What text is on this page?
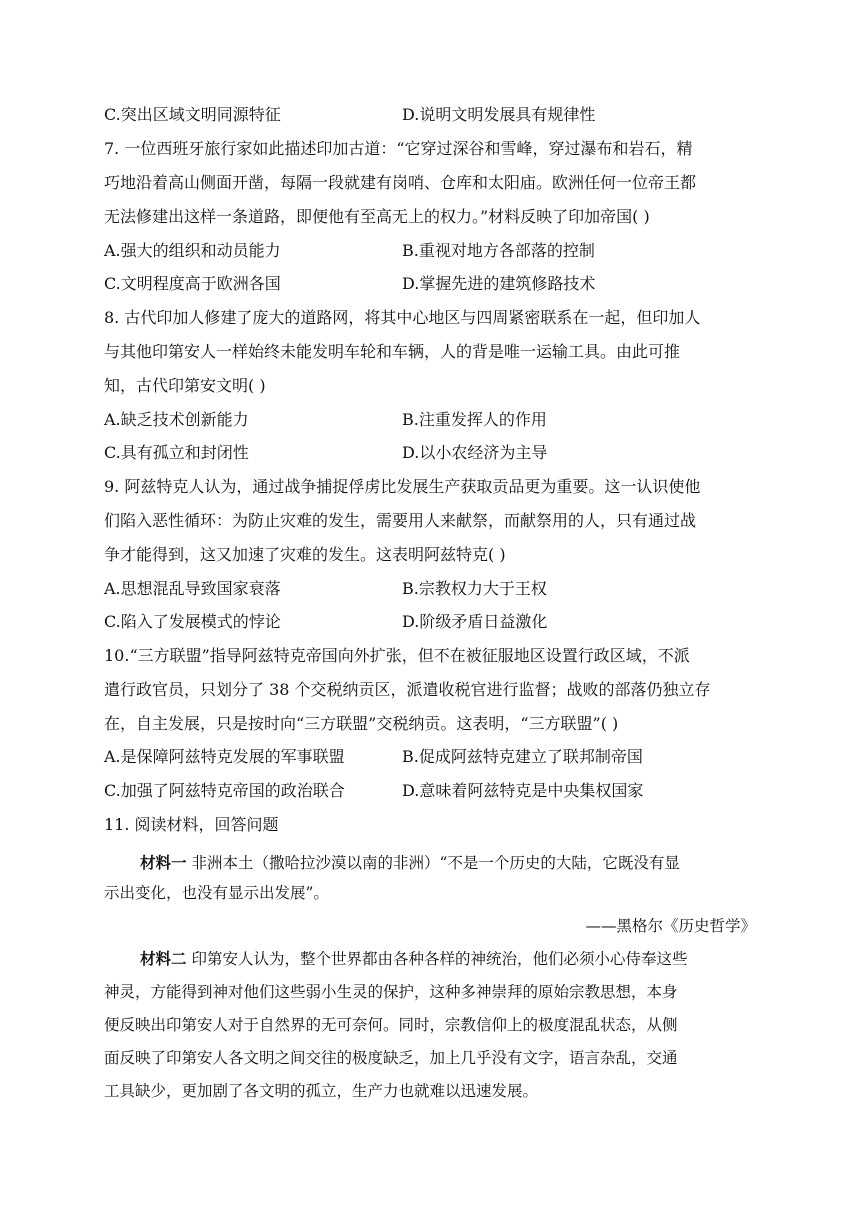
C.突出区域文明同源特征	D.说明文明发展具有规律性
7. 一位西班牙旅行家如此描述印加古道：“它穿过深谷和雪峰，穿过瀑布和岩石，精
巧地沿着高山侧面开凿，每隔一段就建有岗哨、仓库和太阳庙。欧洲任何一位帝王都
无法修建出这样一条道路，即便他有至高无上的权力。”材料反映了印加帝国( )
A.强大的组织和动员能力	B.重视对地方各部落的控制
C.文明程度高于欧洲各国	D.掌握先进的建筑修路技术
8. 古代印加人修建了庞大的道路网，将其中心地区与四周紧密联系在一起，但印加人
与其他印第安人一样始终未能发明车轮和车辆，人的背是唯一运输工具。由此可推
知，古代印第安文明( )
A.缺乏技术创新能力	B.注重发挥人的作用
C.具有孤立和封闭性	D.以小农经济为主导
9. 阿兹特克人认为，通过战争捕捉俘虏比发展生产获取贡品更为重要。这一认识使他
们陷入恶性循环：为防止灾难的发生，需要用人来献祭，而献祭用的人，只有通过战
争才能得到，这又加速了灾难的发生。这表明阿兹特克( )
A.思想混乱导致国家衰落	B.宗教权力大于王权
C.陷入了发展模式的悖论	D.阶级矛盾日益激化
10.“三方联盟”指导阿兹特克帝国向外扩张，但不在被征服地区设置行政区域，不派
遣行政官员，只划分了 38 个交税纳贡区，派遣收税官进行监督；战败的部落仍独立存
在，自主发展，只是按时向“三方联盟”交税纳贡。这表明，“三方联盟”( )
A.是保障阿兹特克发展的军事联盟	B.促成阿兹特克建立了联邦制帝国
C.加强了阿兹特克帝国的政治联合	D.意味着阿兹特克是中央集权国家
11. 阅读材料，回答问题
材料一 非洲本土（撒哈拉沙漠以南的非洲）“不是一个历史的大陆，它既没有显
示出变化，也没有显示出发展”。
——黑格尔《历史哲学》
材料二 印第安人认为，整个世界都由各种各样的神统治，他们必须小心侍奉这些
神灵，方能得到神对他们这些弱小生灵的保护，这种多神崇拜的原始宗教思想，本身
便反映出印第安人对于自然界的无可奈何。同时，宗教信仰上的极度混乱状态，从侧
面反映了印第安人各文明之间交往的极度缺乏，加上几乎没有文字，语言杂乱，交通
工具缺少，更加剧了各文明的孤立，生产力也就难以迅速发展。
